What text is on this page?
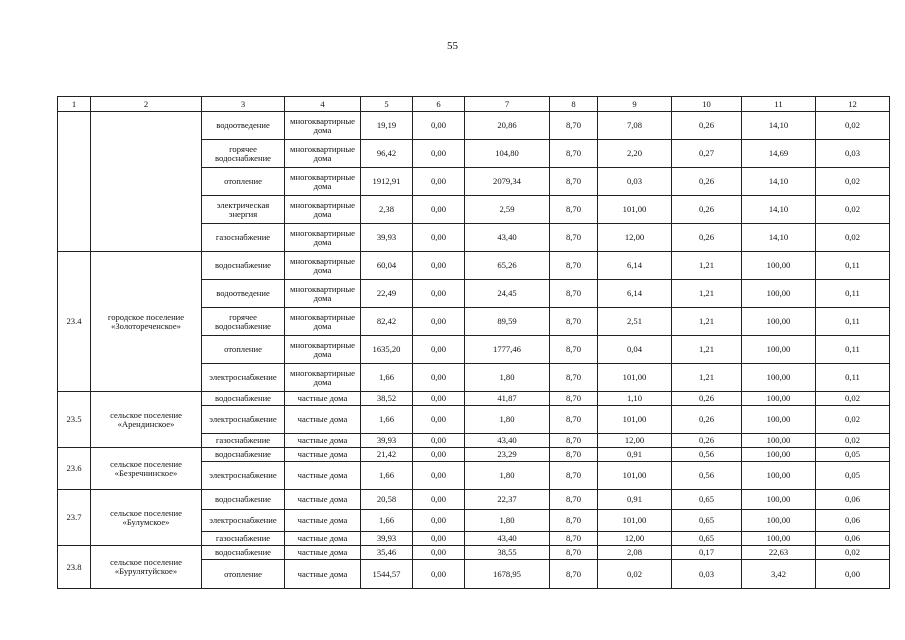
55
1	2	3	4	5	6	7	8	9	10	11	12
		водоотведение	многоквартирные дома	19,19	0,00	20,86	8,70	7,08	0,26	14,10	0,02
		горячее водоснабжение	многоквартирные дома	96,42	0,00	104,80	8,70	2,20	0,27	14,69	0,03
		отопление	многоквартирные дома	1912,91	0,00	2079,34	8,70	0,03	0,26	14,10	0,02
		электрическая энергия	многоквартирные дома	2,38	0,00	2,59	8,70	101,00	0,26	14,10	0,02
		газоснабжение	многоквартирные дома	39,93	0,00	43,40	8,70	12,00	0,26	14,10	0,02
23.4	городское поселение «Золотореченское»	водоснабжение	многоквартирные дома	60,04	0,00	65,26	8,70	6,14	1,21	100,00	0,11
		водоотведение	многоквартирные дома	22,49	0,00	24,45	8,70	6,14	1,21	100,00	0,11
		горячее водоснабжение	многоквартирные дома	82,42	0,00	89,59	8,70	2,51	1,21	100,00	0,11
		отопление	многоквартирные дома	1635,20	0,00	1777,46	8,70	0,04	1,21	100,00	0,11
		электроснабжение	многоквартирные дома	1,66	0,00	1,80	8,70	101,00	1,21	100,00	0,11
23.5	сельское поселение «Арендинское»	водоснабжение	частные дома	38,52	0,00	41,87	8,70	1,10	0,26	100,00	0,02
		электроснабжение	частные дома	1,66	0,00	1,80	8,70	101,00	0,26	100,00	0,02
		газоснабжение	частные дома	39,93	0,00	43,40	8,70	12,00	0,26	100,00	0,02
23.6	сельское поселение «Безречнинское»	водоснабжение	частные дома	21,42	0,00	23,29	8,70	0,91	0,56	100,00	0,05
		электроснабжение	частные дома	1,66	0,00	1,80	8,70	101,00	0,56	100,00	0,05
23.7	сельское поселение «Булумское»	водоснабжение	частные дома	20,58	0,00	22,37	8,70	0,91	0,65	100,00	0,06
		электроснабжение	частные дома	1,66	0,00	1,80	8,70	101,00	0,65	100,00	0,06
		газоснабжение	частные дома	39,93	0,00	43,40	8,70	12,00	0,65	100,00	0,06
23.8	сельское поселение «Бурулятуйское»	водоснабжение	частные дома	35,46	0,00	38,55	8,70	2,08	0,17	22,63	0,02
		отопление	частные дома	1544,57	0,00	1678,95	8,70	0,02	0,03	3,42	0,00
